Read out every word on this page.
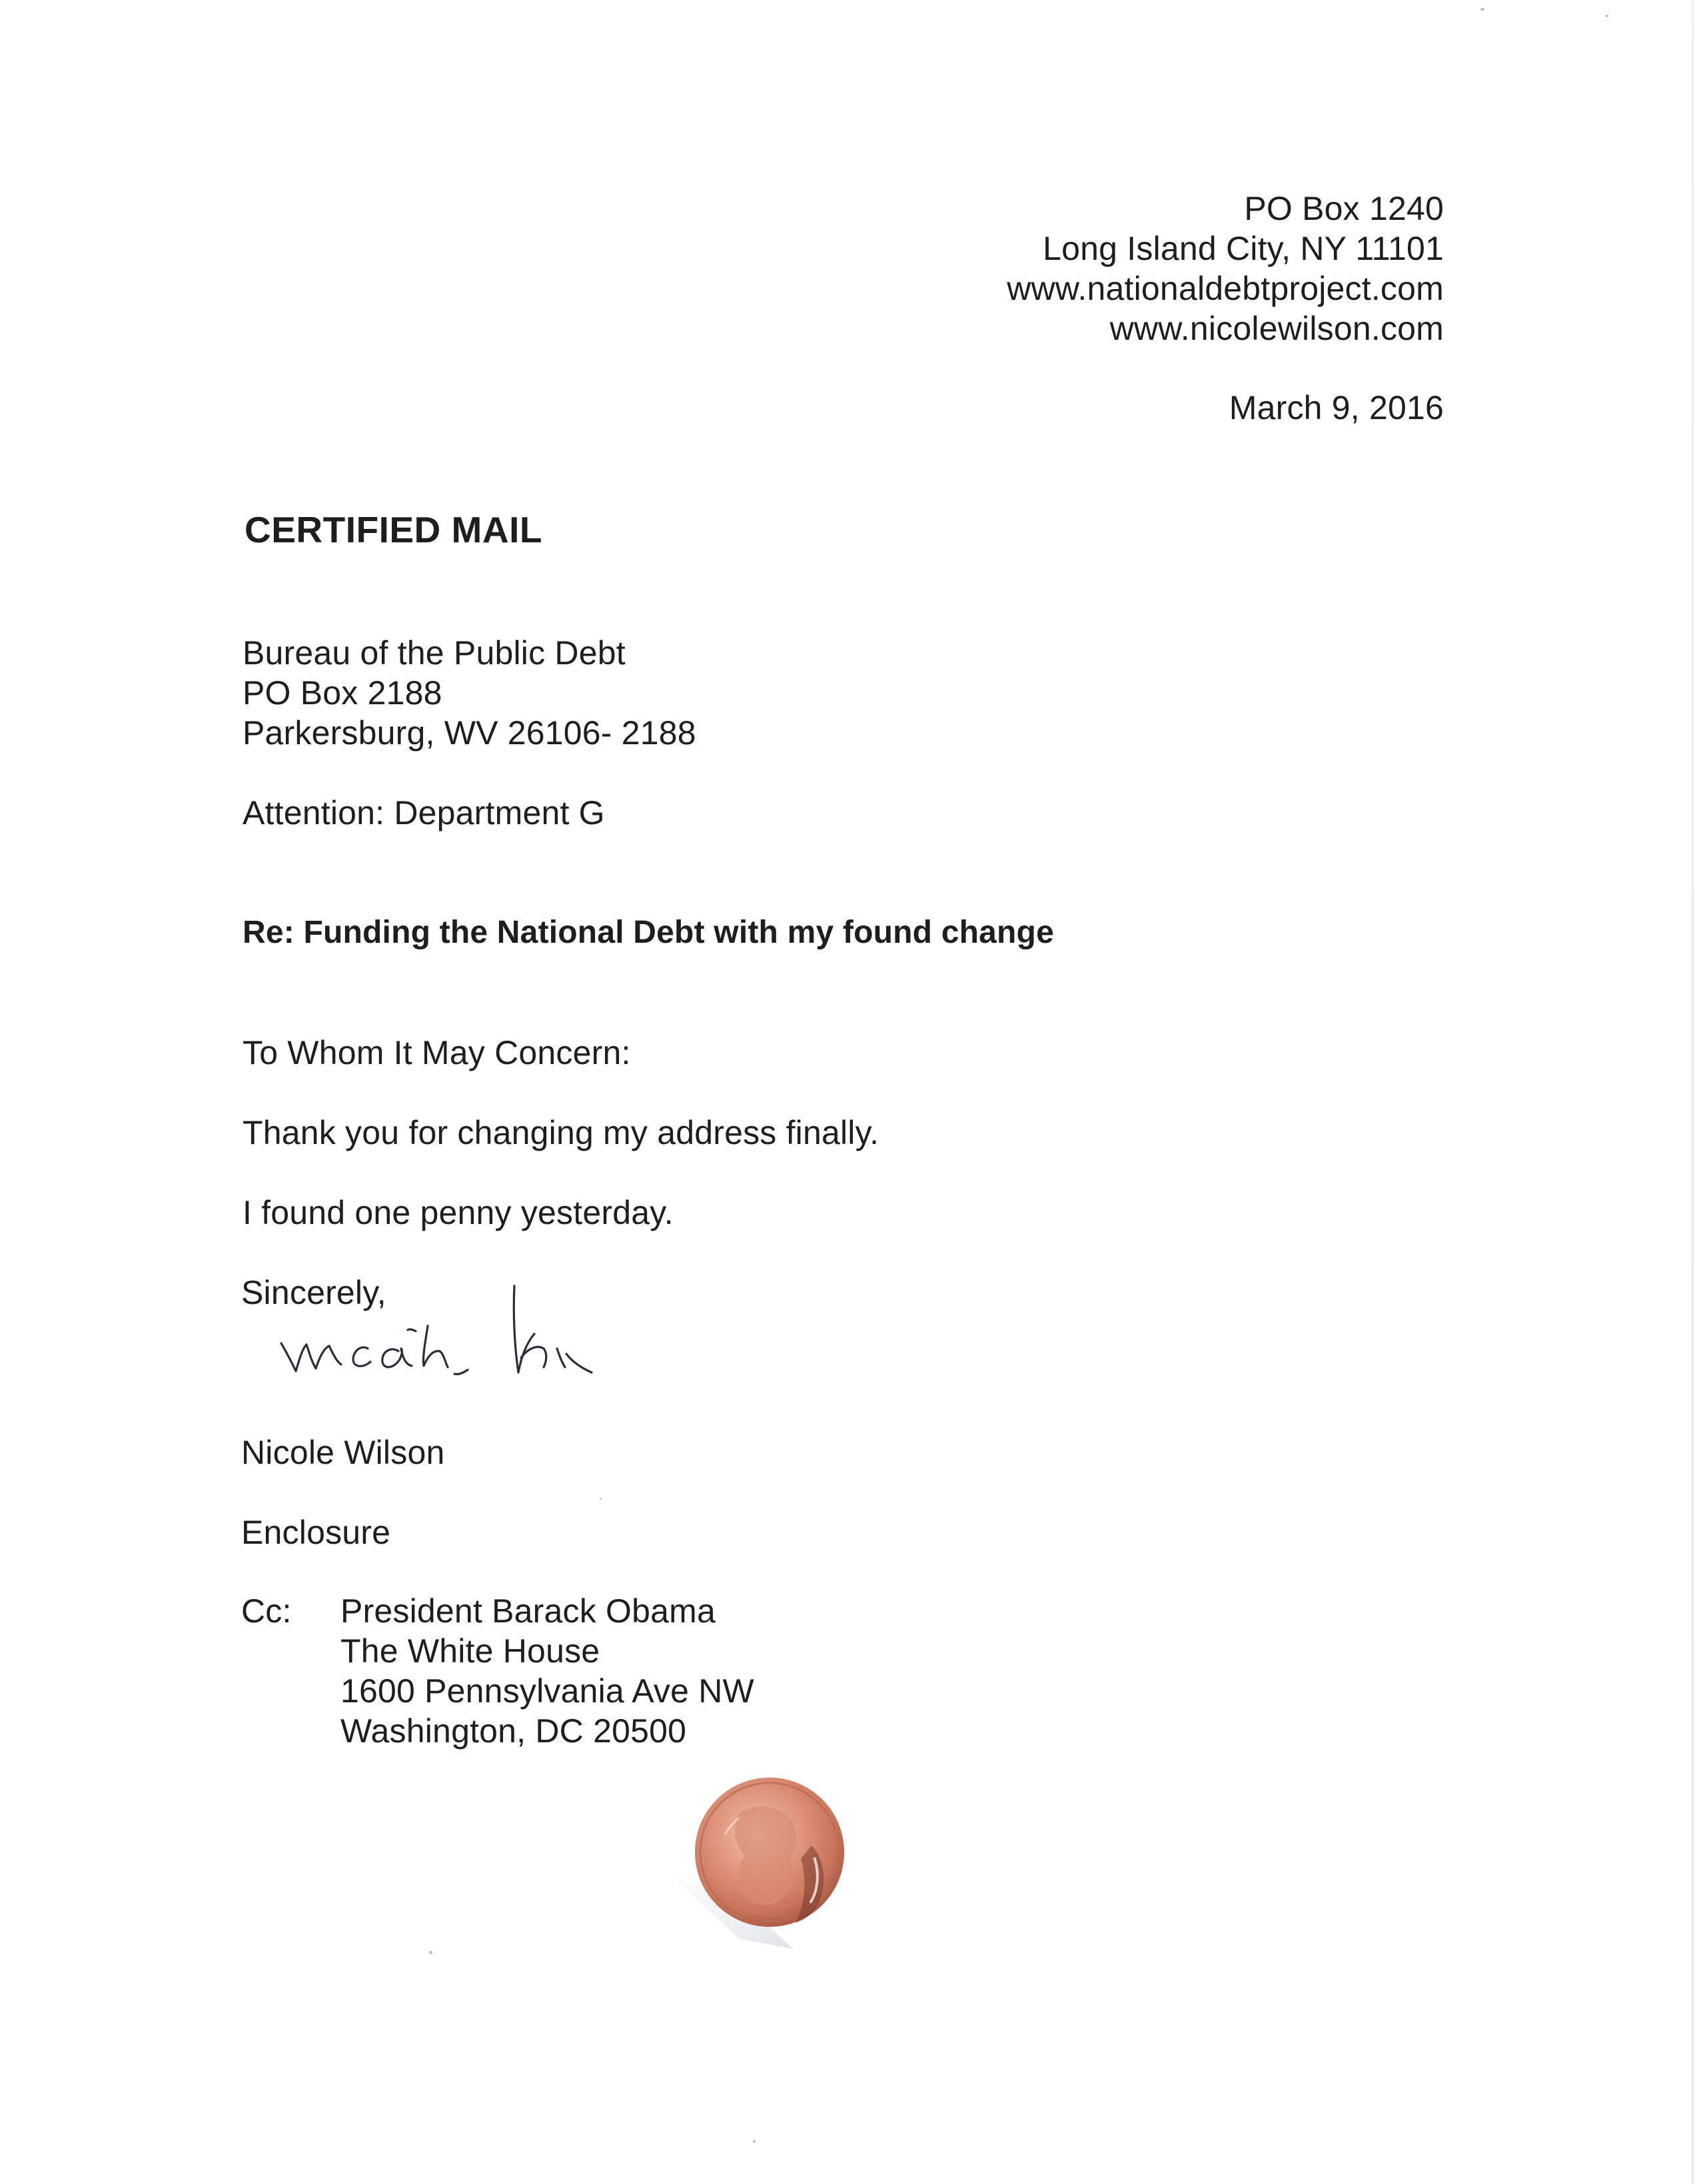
PO Box 1240
Long Island City, NY 11101
www.nationaldebtproject.com
www.nicolewilson.com
March 9, 2016
CERTIFIED MAIL
Bureau of the Public Debt
PO Box 2188
Parkersburg, WV 26106- 2188
Attention: Department G
Re: Funding the National Debt with my found change
To Whom It May Concern:
Thank you for changing my address finally.
I found one penny yesterday.
Sincerely,
Nicole Wilson
Enclosure
Cc: President Barack Obama
The White House
1600 Pennsylvania Ave NW
Washington, DC 20500
